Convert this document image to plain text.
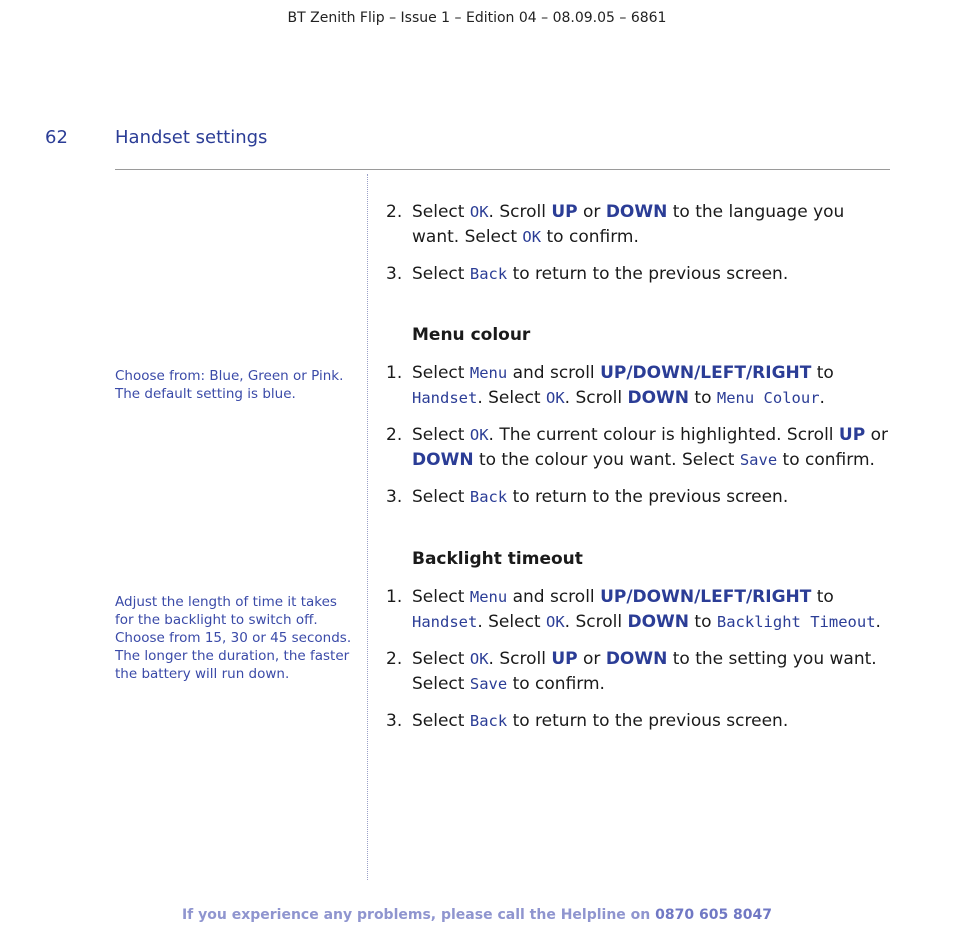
BT Zenith Flip – Issue 1 – Edition 04 – 08.09.05 – 6861
62	Handset settings
Choose from: Blue, Green or Pink.
The default setting is blue.
Adjust the length of time it takes
for the backlight to switch off.
Choose from 15, 30 or 45 seconds.
The longer the duration, the faster
the battery will run down.
2. Select OK. Scroll UP or DOWN to the language you want. Select OK to confirm.
3. Select Back to return to the previous screen.
Menu colour
1. Select Menu and scroll UP/DOWN/LEFT/RIGHT to Handset. Select OK. Scroll DOWN to Menu Colour.
2. Select OK. The current colour is highlighted. Scroll UP or DOWN to the colour you want. Select Save to confirm.
3. Select Back to return to the previous screen.
Backlight timeout
1. Select Menu and scroll UP/DOWN/LEFT/RIGHT to Handset. Select OK. Scroll DOWN to Backlight Timeout.
2. Select OK. Scroll UP or DOWN to the setting you want. Select Save to confirm.
3. Select Back to return to the previous screen.
If you experience any problems, please call the Helpline on 0870 605 8047
